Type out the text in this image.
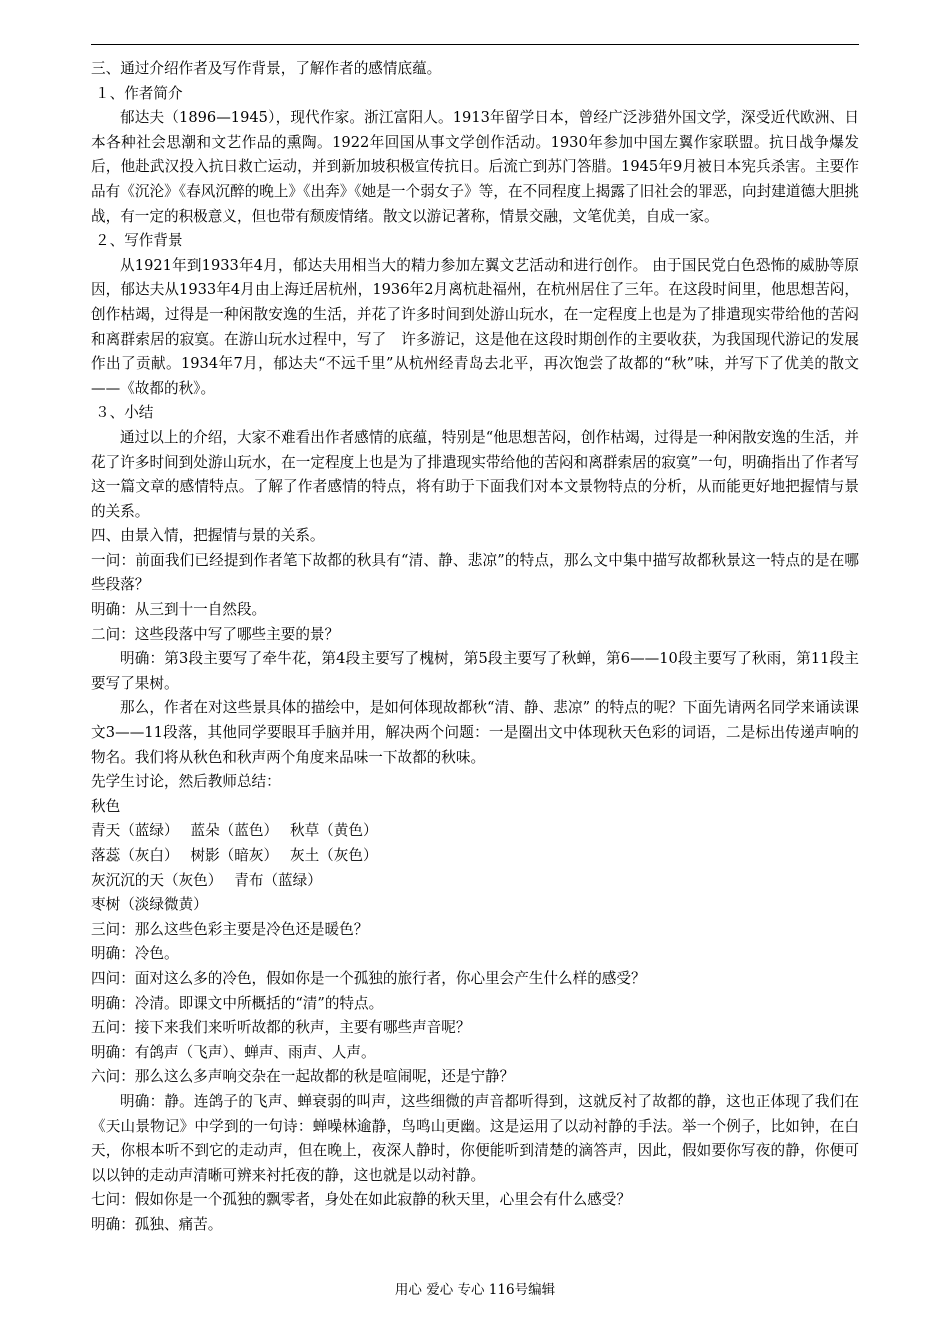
三、通过介绍作者及写作背景，了解作者的感情底蕴。

１、作者简介

郁达夫（1896—1945），现代作家。浙江富阳人。1913年留学日本，曾经广泛涉猎外国文学，深受近代欧洲、日本各种社会思潮和文艺作品的熏陶。1922年回国从事文学创作活动。1930年参加中国左翼作家联盟。抗日战争爆发后，他赴武汉投入抗日救亡运动，并到新加坡积极宣传抗日。后流亡到苏门答腊。1945年9月被日本宪兵杀害。主要作品有《沉沦》《春风沉醉的晚上》《出奔》《她是一个弱女子》等，在不同程度上揭露了旧社会的罪恶，向封建道德大胆挑战，有一定的积极意义，但也带有颓废情绪。散文以游记著称，情景交融，文笔优美，自成一家。

２、写作背景

从1921年到1933年4月，郁达夫用相当大的精力参加左翼文艺活动和进行创作。 由于国民党白色恐怖的威胁等原因，郁达夫从1933年4月由上海迁居杭州，1936年2月离杭赴福州，在杭州居住了三年。在这段时间里，他思想苦闷，创作枯竭，过得是一种闲散安逸的生活，并花了许多时间到处游山玩水，在一定程度上也是为了排遣现实带给他的苦闷和离群索居的寂寞。在游山玩水过程中，写了　许多游记，这是他在这段时期创作的主要收获，为我国现代游记的发展作出了贡献。1934年7月，郁达夫“不远千里”从杭州经青岛去北平，再次饱尝了故都的“秋”味，并写下了优美的散文——《故都的秋》。

３、小结

通过以上的介绍，大家不难看出作者感情的底蕴，特别是“他思想苦闷，创作枯竭，过得是一种闲散安逸的生活，并花了许多时间到处游山玩水，在一定程度上也是为了排遣现实带给他的苦闷和离群索居的寂寞”一句，明确指出了作者写这一篇文章的感情特点。了解了作者感情的特点，将有助于下面我们对本文景物特点的分析，从而能更好地把握情与景的关系。

四、由景入情，把握情与景的关系。

一问：前面我们已经提到作者笔下故都的秋具有“清、静、悲凉”的特点，那么文中集中描写故都秋景这一特点的是在哪些段落？

明确：从三到十一自然段。

二问：这些段落中写了哪些主要的景？

明确：第3段主要写了牵牛花，第4段主要写了槐树，第5段主要写了秋蝉，第6——10段主要写了秋雨，第11段主要写了果树。

那么，作者在对这些景具体的描绘中，是如何体现故都秋“清、静、悲凉” 的特点的呢？下面先请两名同学来诵读课文3——11段落，其他同学要眼耳手脑并用，解决两个问题：一是圈出文中体现秋天色彩的词语，二是标出传递声响的物名。我们将从秋色和秋声两个角度来品味一下故都的秋味。

先学生讨论，然后教师总结：

秋色

青天（蓝绿）　 蓝朵（蓝色）　 秋草（黄色）

落蕊（灰白）　 树影（暗灰）　 灰土（灰色）

灰沉沉的天（灰色）　 青布（蓝绿）

枣树（淡绿微黄）

三问：那么这些色彩主要是冷色还是暖色？

明确：冷色。

四问：面对这么多的冷色，假如你是一个孤独的旅行者，你心里会产生什么样的感受？

明确：冷清。即课文中所概括的“清”的特点。

五问：接下来我们来听听故都的秋声，主要有哪些声音呢？

明确：有鸽声（飞声）、蝉声、雨声、人声。

六问：那么这么多声响交杂在一起故都的秋是喧闹呢，还是宁静？

明确：静。连鸽子的飞声、蝉衰弱的叫声，这些细微的声音都听得到，这就反衬了故都的静，这也正体现了我们在《天山景物记》中学到的一句诗：蝉噪林逾静，鸟鸣山更幽。这是运用了以动衬静的手法。举一个例子，比如钟，在白天，你根本听不到它的走动声，但在晚上，夜深人静时，你便能听到清楚的滴答声，因此，假如要你写夜的静，你便可以以钟的走动声清晰可辨来衬托夜的静，这也就是以动衬静。

七问：假如你是一个孤独的飘零者，身处在如此寂静的秋天里，心里会有什么感受？

明确：孤独、痛苦。

用心 爱心 专心 116号编辑
